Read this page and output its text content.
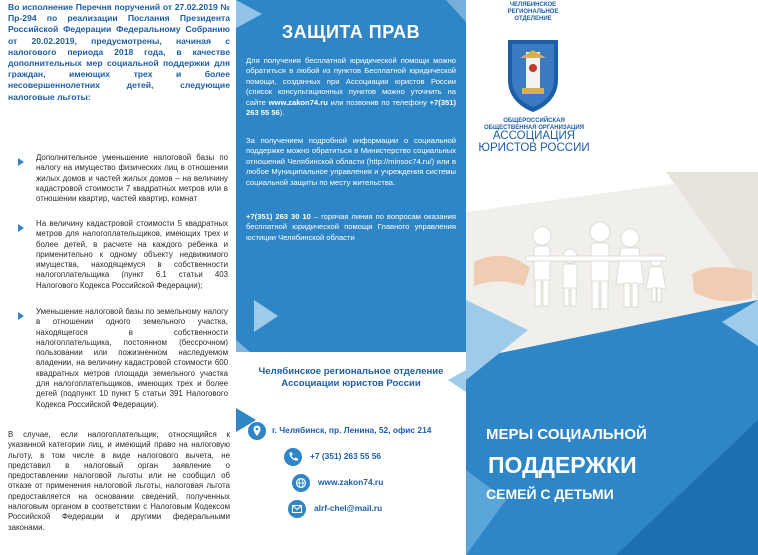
Во исполнение Перечня поручений от 27.02.2019 № Пр-294 по реализации Послания Президента Российской Федерации Федеральному Собранию от 20.02.2019, предусмотрены, начиная с налогового периода 2018 года, в качестве дополнительных мер социальной поддержки для граждан, имеющих трех и более несовершеннолетних детей, следующие налоговые льготы:
Дополнительное уменьшение налоговой базы по налогу на имущество физических лиц в отношении жилых домов и частей жилых домов – на величину кадастровой стоимости 7 квадратных метров или в отношении квартир, частей квартир, комнат
На величину кадастровой стоимости 5 квадратных метров для налогоплательщиков, имеющих трех и более детей, в расчете на каждого ребенка и применительно к одному объекту недвижимого имущества, находящемуся в собственности налогоплательщика (пункт 6.1 статьи 403 Налогового Кодекса Российской Федерации);
Уменьшение налоговой базы по земельному налогу в отношении одного земельного участка, находящегося в собственности налогоплательщика, постоянном (бессрочном) пользовании или пожизненном наследуемом владении, на величину кадастровой стоимости 600 квадратных метров площади земельного участка для налогоплательщиков, имеющих трех и более детей (подпункт 10 пункт 5 статьи 391 Налогового Кодекса Российской Федерации).
В случае, если налогоплательщик, относящийся к указанной категории лиц, и имеющий право на налоговую льготу, в том числе в виде налогового вычета, не представил в налоговый орган заявление о предоставлении налоговой льготы или не сообщил об отказе от применения налоговой льготы, налоговая льгота предоставляется на основании сведений, полученных налоговым органом в соответствии с Налоговым Кодексом Российской Федерации и другими федеральными законами.
ЗАЩИТА ПРАВ
Для получения бесплатной юридической помощи можно обратиться в любой из пунктов Бесплатной юридической помощи, созданных при Ассоциации юристов России (список консультационных пунктов можно уточнить на сайте www.zakon74.ru или позвонив по телефону +7(351) 263 55 56).
За получением подробной информации о социальной поддержке можно обратиться в Министерство социальных отношений Челябинской области (http://minsoc74.ru/) или в любое Муниципальное управления и учреждения системы социальной защиты по месту жительства.
+7(351) 263 30 10 – горячая линия по вопросам оказания бесплатной юридической помощи Главного управления юстиции Челябинской области
Челябинское региональное отделение
Ассоциации юристов России
г. Челябинск, пр. Ленина, 52, офис 214
+7 (351) 263 55 56
www.zakon74.ru
alrf-chel@mail.ru
ЧЕЛЯБИНСКОЕ РЕГИОНАЛЬНОЕ
ОТДЕЛЕНИЕ
ОБЩЕРОССИЙСКАЯ
ОБЩЕСТВЕННАЯ ОРГАНИЗАЦИЯ
АССОЦИАЦИЯ
ЮРИСТОВ РОССИИ
МЕРЫ СОЦИАЛЬНОЙ
ПОДДЕРЖКИ
СЕМЕЙ С ДЕТЬМИ
